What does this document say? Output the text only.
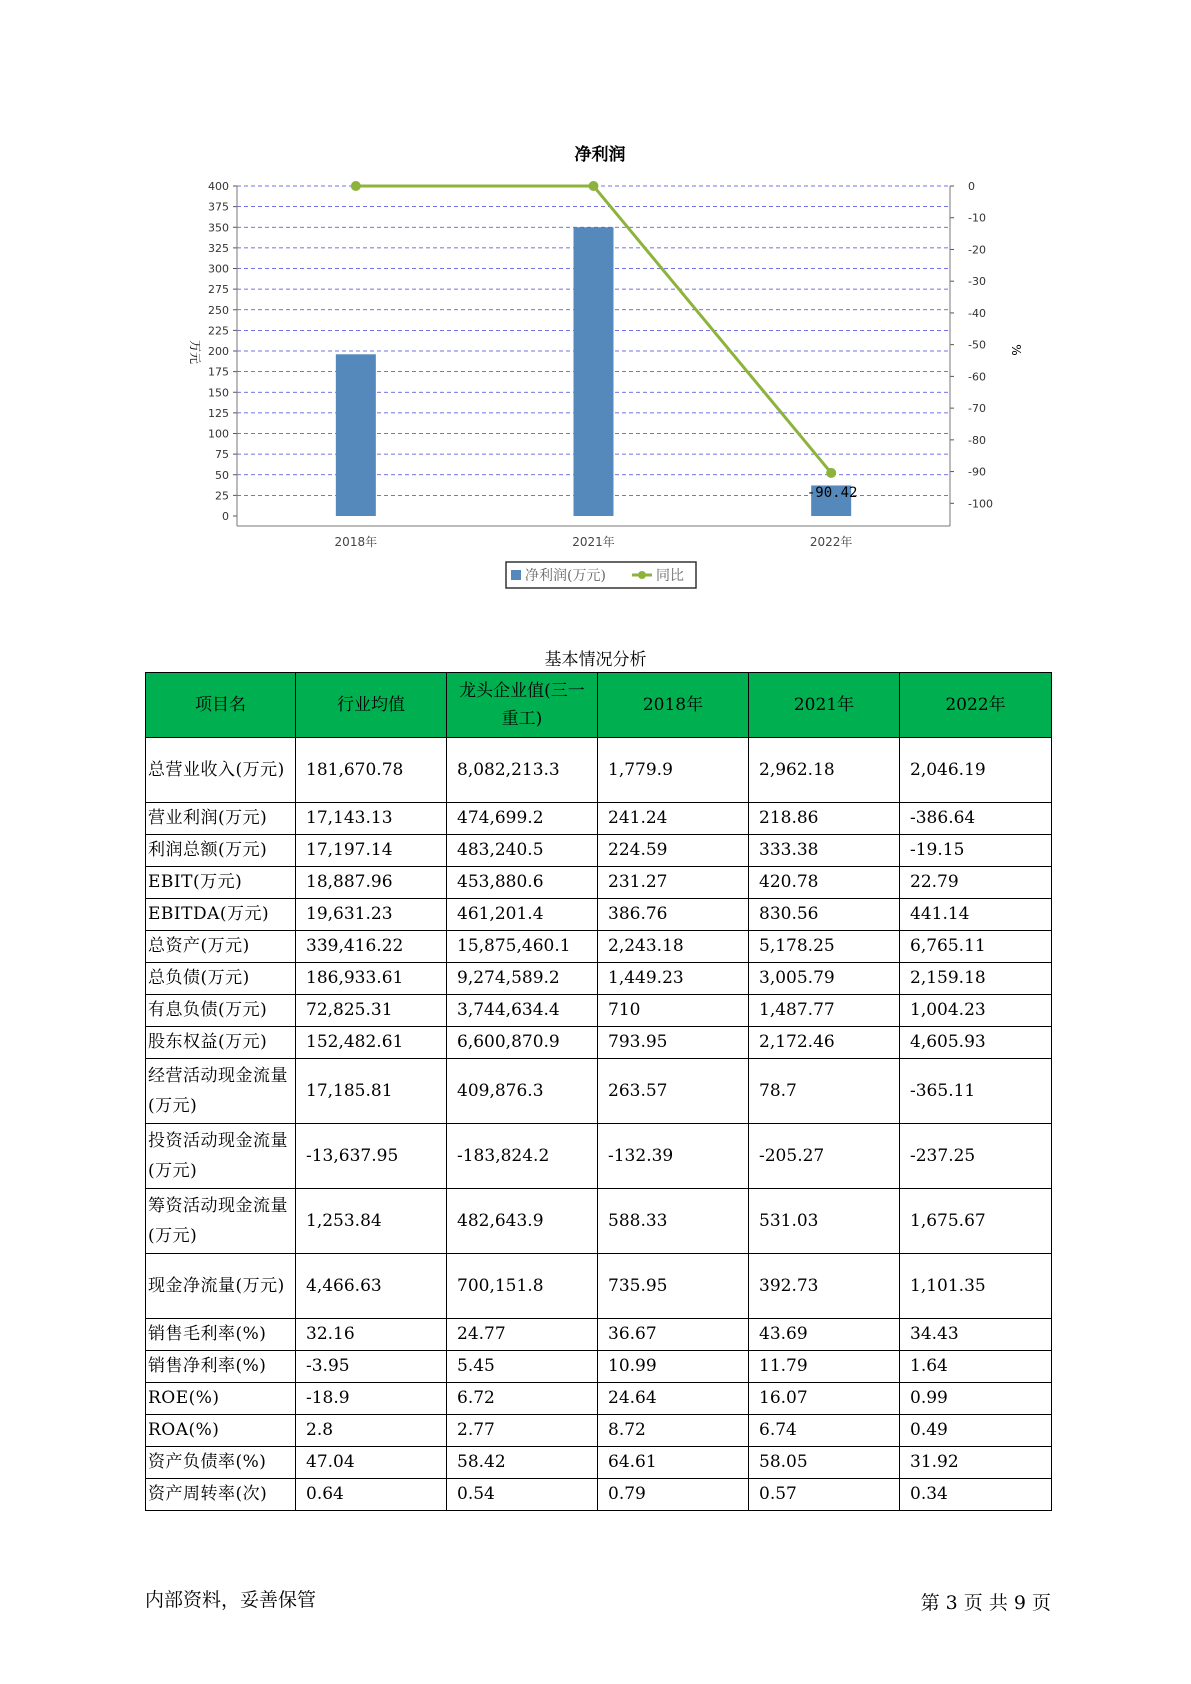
净利润
400
375
350
325
300
275
250
225
200
175
150
125
100
75
50
25
0
0
-10
-20
-30
-40
-50
-60
-70
-80
-90
-100
万元	%
2018年	2021年	2022年
-90.42
净利润(万元)	同比
基本情况分析
项目名	行业均值	龙头企业值(三一重工)	2018年	2021年	2022年
总营业收入(万元)	181,670.78	8,082,213.3	1,779.9	2,962.18	2,046.19
营业利润(万元)	17,143.13	474,699.2	241.24	218.86	-386.64
利润总额(万元)	17,197.14	483,240.5	224.59	333.38	-19.15
EBIT(万元)	18,887.96	453,880.6	231.27	420.78	22.79
EBITDA(万元)	19,631.23	461,201.4	386.76	830.56	441.14
总资产(万元)	339,416.22	15,875,460.1	2,243.18	5,178.25	6,765.11
总负债(万元)	186,933.61	9,274,589.2	1,449.23	3,005.79	2,159.18
有息负债(万元)	72,825.31	3,744,634.4	710	1,487.77	1,004.23
股东权益(万元)	152,482.61	6,600,870.9	793.95	2,172.46	4,605.93
经营活动现金流量(万元)	17,185.81	409,876.3	263.57	78.7	-365.11
投资活动现金流量(万元)	-13,637.95	-183,824.2	-132.39	-205.27	-237.25
筹资活动现金流量(万元)	1,253.84	482,643.9	588.33	531.03	1,675.67
现金净流量(万元)	4,466.63	700,151.8	735.95	392.73	1,101.35
销售毛利率(%)	32.16	24.77	36.67	43.69	34.43
销售净利率(%)	-3.95	5.45	10.99	11.79	1.64
ROE(%)	-18.9	6.72	24.64	16.07	0.99
ROA(%)	2.8	2.77	8.72	6.74	0.49
资产负债率(%)	47.04	58.42	64.61	58.05	31.92
资产周转率(次)	0.64	0.54	0.79	0.57	0.34
内部资料，妥善保管	第 3 页 共 9 页
